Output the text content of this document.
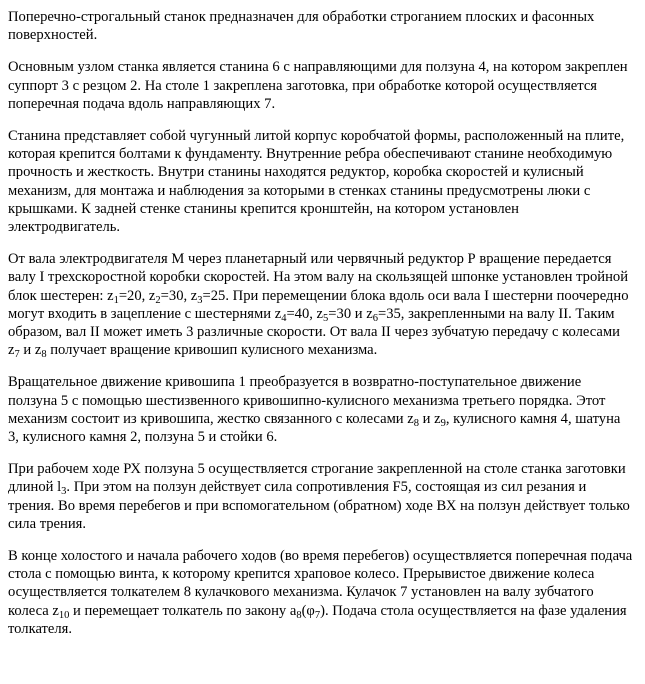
Поперечно-строгальный станок предназначен для обработки строганием плоских и фасонных поверхностей.

Основным узлом станка является станина 6 с направляющими для ползуна 4, на котором закреплен суппорт 3 с резцом 2. На столе 1 закреплена заготовка, при обработке которой осуществляется поперечная подача вдоль направляющих 7.

Станина представляет собой чугунный литой корпус коробчатой формы, расположенный на плите, которая крепится болтами к фундаменту. Внутренние ребра обеспечивают станине необходимую прочность и жесткость. Внутри станины находятся редуктор, коробка скоростей и кулисный механизм, для монтажа и наблюдения за которыми в стенках станины предусмотрены люки с крышками. К задней стенке станины крепится кронштейн, на котором установлен электродвигатель.

От вала электродвигателя М через планетарный или червячный редуктор Р вращение передается валу I трехскоростной коробки скоростей. На этом валу на скользящей шпонке установлен тройной блок шестерен: $z_1=20$, $z_2=30$, $z_3=25$. При перемещении блока вдоль оси вала I шестерни поочередно могут входить в зацепление с шестернями $z_4=40$, $z_5=30$ и $z_6=35$, закрепленными на валу II. Таким образом, вал II может иметь 3 различные скорости. От вала II через зубчатую передачу с колесами $z_7$ и $z_8$ получает вращение кривошип кулисного механизма.

Вращательное движение кривошипа 1 преобразуется в возвратно-поступательное движение ползуна 5 с помощью шестизвенного кривошипно-кулисного механизма третьего порядка. Этот механизм состоит из кривошипа, жестко связанного с колесами $z_8$ и $z_9$, кулисного камня 4, шатуна 3, кулисного камня 2, ползуна 5 и стойки 6.

При рабочем ходе РХ ползуна 5 осуществляется строгание закрепленной на столе станка заготовки длиной $l_3$. При этом на ползун действует сила сопротивления F5, состоящая из сил резания и трения. Во время перебегов и при вспомогательном (обратном) ходе ВХ на ползун действует только сила трения.

В конце холостого и начала рабочего ходов (во время перебегов) осуществляется поперечная подача стола с помощью винта, к которому крепится храповое колесо. Прерывистое движение колеса осуществляется толкателем 8 кулачкового механизма. Кулачок 7 установлен на валу зубчатого колеса $z_{10}$ и перемещает толкатель по закону $a_8(\varphi_7)$. Подача стола осуществляется на фазе удаления толкателя.
